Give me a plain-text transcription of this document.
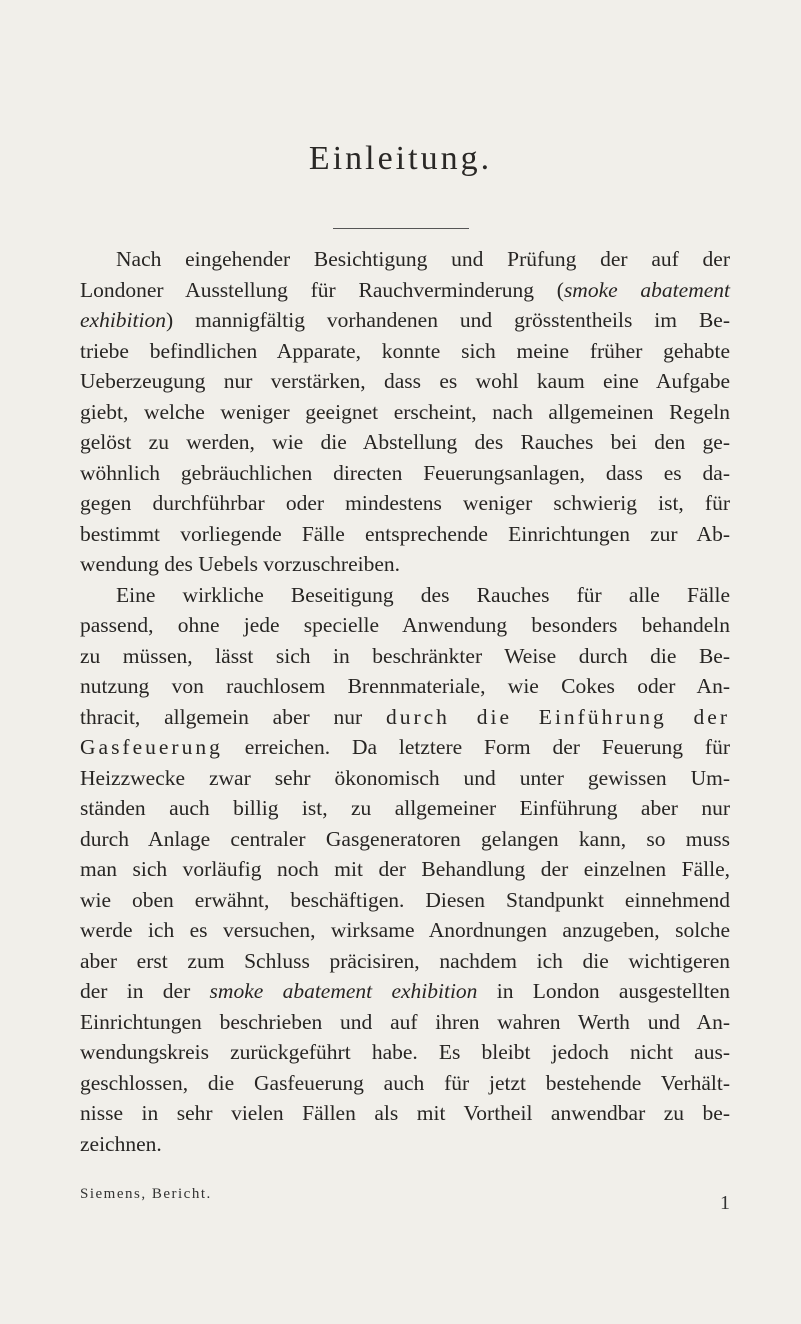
Einleitung.
Nach eingehender Besichtigung und Prüfung der auf der
Londoner Ausstellung für Rauchverminderung (smoke abatement
exhibition) mannigfältig vorhandenen und grösstentheils im Be-
triebe befindlichen Apparate, konnte sich meine früher gehabte
Ueberzeugung nur verstärken, dass es wohl kaum eine Aufgabe
giebt, welche weniger geeignet erscheint, nach allgemeinen Regeln
gelöst zu werden, wie die Abstellung des Rauches bei den ge-
wöhnlich gebräuchlichen directen Feuerungsanlagen, dass es da-
gegen durchführbar oder mindestens weniger schwierig ist, für
bestimmt vorliegende Fälle entsprechende Einrichtungen zur Ab-
wendung des Uebels vorzuschreiben.
Eine wirkliche Beseitigung des Rauches für alle Fälle
passend, ohne jede specielle Anwendung besonders behandeln
zu müssen, lässt sich in beschränkter Weise durch die Be-
nutzung von rauchlosem Brennmateriale, wie Cokes oder An-
thracit, allgemein aber nur durch die Einführung der
Gasfeuerung erreichen. Da letztere Form der Feuerung für
Heizzwecke zwar sehr ökonomisch und unter gewissen Um-
ständen auch billig ist, zu allgemeiner Einführung aber nur
durch Anlage centraler Gasgeneratoren gelangen kann, so muss
man sich vorläufig noch mit der Behandlung der einzelnen Fälle,
wie oben erwähnt, beschäftigen. Diesen Standpunkt einnehmend
werde ich es versuchen, wirksame Anordnungen anzugeben, solche
aber erst zum Schluss präcisiren, nachdem ich die wichtigeren
der in der smoke abatement exhibition in London ausgestellten
Einrichtungen beschrieben und auf ihren wahren Werth und An-
wendungskreis zurückgeführt habe. Es bleibt jedoch nicht aus-
geschlossen, die Gasfeuerung auch für jetzt bestehende Verhält-
nisse in sehr vielen Fällen als mit Vortheil anwendbar zu be-
zeichnen.
Siemens, Bericht.	1
